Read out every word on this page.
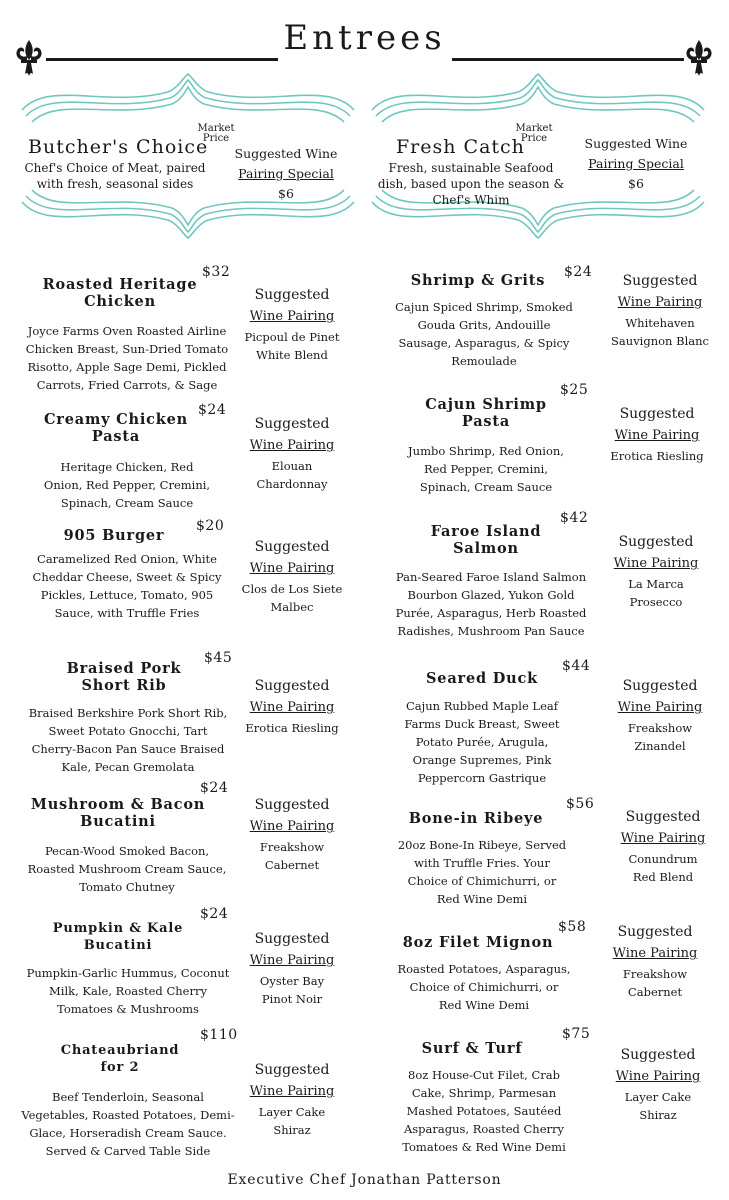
Entrees
Butcher's Choice
Market Price
Chef's Choice of Meat, paired
with fresh, seasonal sides
Suggested Wine
Pairing Special
$6
Fresh Catch
Market Price
Fresh, sustainable Seafood
dish, based upon the season &
Chef's Whim
Suggested Wine
Pairing Special
$6
Roasted Heritage
Chicken
$32
Joyce Farms Oven Roasted Airline
Chicken Breast, Sun-Dried Tomato
Risotto, Apple Sage Demi, Pickled
Carrots, Fried Carrots, & Sage
Suggested
Wine Pairing
Picpoul de Pinet
White Blend
Creamy Chicken
Pasta
$24
Heritage Chicken, Red
Onion, Red Pepper, Cremini,
Spinach, Cream Sauce
Suggested
Wine Pairing
Elouan
Chardonnay
905 Burger
$20
Caramelized Red Onion, White
Cheddar Cheese, Sweet & Spicy
Pickles, Lettuce, Tomato, 905
Sauce, with Truffle Fries
Suggested
Wine Pairing
Clos de Los Siete
Malbec
Braised Pork
Short Rib
$45
Braised Berkshire Pork Short Rib,
Sweet Potato Gnocchi, Tart
Cherry-Bacon Pan Sauce Braised
Kale, Pecan Gremolata
Suggested
Wine Pairing
Erotica Riesling
Mushroom & Bacon
Bucatini
$24
Pecan-Wood Smoked Bacon,
Roasted Mushroom Cream Sauce,
Tomato Chutney
Suggested
Wine Pairing
Freakshow
Cabernet
Pumpkin & Kale Bucatini
$24
Pumpkin-Garlic Hummus, Coconut
Milk, Kale, Roasted Cherry
Tomatoes & Mushrooms
Suggested
Wine Pairing
Oyster Bay
Pinot Noir
Chateaubriand
for 2
$110
Beef Tenderloin, Seasonal
Vegetables, Roasted Potatoes, Demi-
Glace, Horseradish Cream Sauce.
Served & Carved Table Side
Suggested
Wine Pairing
Layer Cake
Shiraz
Shrimp & Grits	$24
Cajun Spiced Shrimp, Smoked
Gouda Grits, Andouille
Sausage, Asparagus, & Spicy
Remoulade
Suggested
Wine Pairing
Whitehaven
Sauvignon Blanc
Cajun Shrimp
Pasta
$25
Jumbo Shrimp, Red Onion,
Red Pepper, Cremini,
Spinach, Cream Sauce
Suggested
Wine Pairing
Erotica Riesling
Faroe Island
Salmon
$42
Pan-Seared Faroe Island Salmon
Bourbon Glazed, Yukon Gold
Purée, Asparagus, Herb Roasted
Radishes, Mushroom Pan Sauce
Suggested
Wine Pairing
La Marca
Prosecco
Seared Duck
$44
Cajun Rubbed Maple Leaf
Farms Duck Breast, Sweet
Potato Purée, Arugula,
Orange Supremes, Pink
Peppercorn Gastrique
Suggested
Wine Pairing
Freakshow
Zinandel
Bone-in Ribeye
$56
20oz Bone-In Ribeye, Served
with Truffle Fries. Your
Choice of Chimichurri, or
Red Wine Demi
Suggested
Wine Pairing
Conundrum
Red Blend
8oz Filet Mignon
$58
Roasted Potatoes, Asparagus,
Choice of Chimichurri, or
Red Wine Demi
Suggested
Wine Pairing
Freakshow
Cabernet
Surf & Turf
$75
8oz House-Cut Filet, Crab
Cake, Shrimp, Parmesan
Mashed Potatoes, Sautéed
Asparagus, Roasted Cherry
Tomatoes & Red Wine Demi
Suggested
Wine Pairing
Layer Cake
Shiraz
Executive Chef Jonathan Patterson
